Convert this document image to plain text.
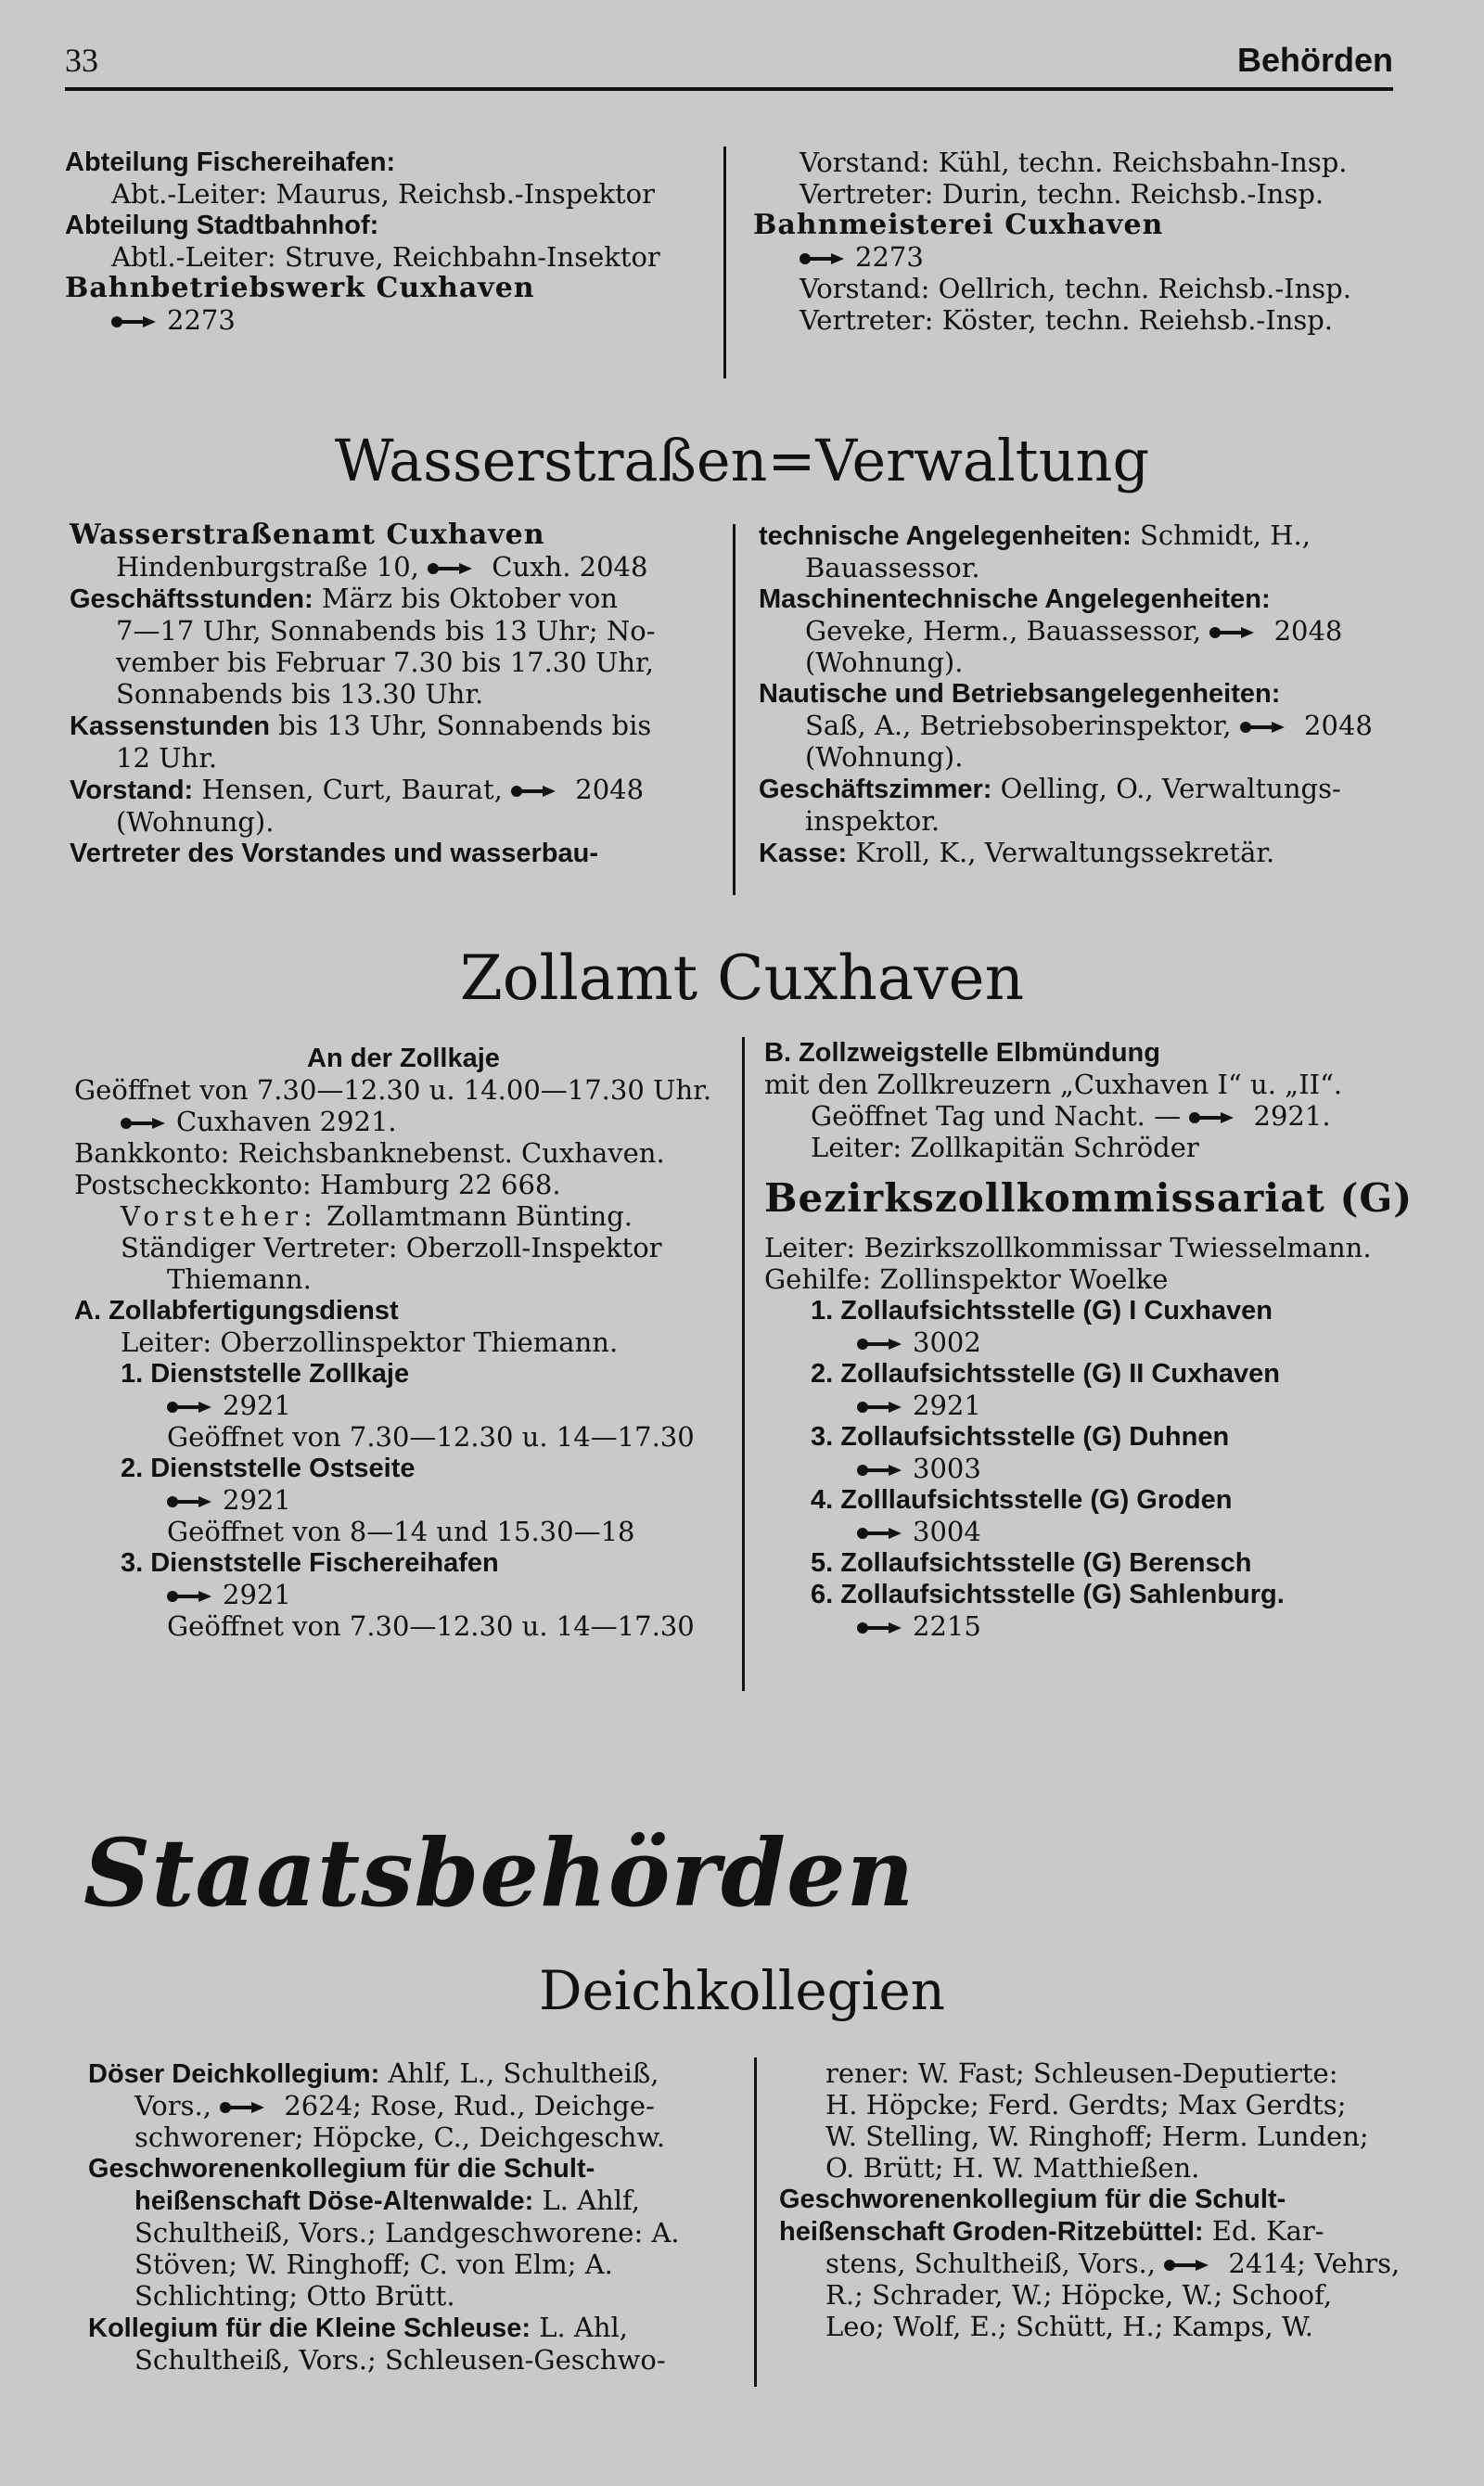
33	Behörden
Abteilung Fischereihafen:
Abt.-Leiter: Maurus, Reichsb.-Inspektor
Abteilung Stadtbahnhof:
Abtl.-Leiter: Struve, Reichbahn-Insektor
Bahnbetriebswerk Cuxhaven
2273
Vorstand: Kühl, techn. Reichsbahn-Insp.
Vertreter: Durin, techn. Reichsb.-Insp.
Bahnmeisterei Cuxhaven
2273
Vorstand: Oellrich, techn. Reichsb.-Insp.
Vertreter: Köster, techn. Reiehsb.-Insp.
Wasserstraßen=Verwaltung
Wasserstraßenamt Cuxhaven
Hindenburgstraße 10,
Cuxh. 2048
Geschäftsstunden: März bis Oktober von
7—17 Uhr, Sonnabends bis 13 Uhr; No-
vember bis Februar 7.30 bis 17.30 Uhr,
Sonnabends bis 13.30 Uhr.
Kassenstunden bis 13 Uhr, Sonnabends bis
12 Uhr.
Vorstand: Hensen, Curt, Baurat,
2048
(Wohnung).
Vertreter des Vorstandes und wasserbau-
technische Angelegenheiten: Schmidt, H.,
Bauassessor.
Maschinentechnische Angelegenheiten:
Geveke, Herm., Bauassessor,
2048
(Wohnung).
Nautische und Betriebsangelegenheiten:
Saß, A., Betriebsoberinspektor,
2048
(Wohnung).
Geschäftszimmer: Oelling, O., Verwaltungs-
inspektor.
Kasse: Kroll, K., Verwaltungssekretär.
Zollamt Cuxhaven
An der Zollkaje
Geöffnet von 7.30—12.30 u. 14.00—17.30 Uhr.
Cuxhaven 2921.
Bankkonto: Reichsbanknebenst. Cuxhaven.
Postscheckkonto: Hamburg 22 668.
Vorsteher: Zollamtmann Bünting.
Ständiger Vertreter: Oberzoll-Inspektor
Thiemann.
A. Zollabfertigungsdienst
Leiter: Oberzollinspektor Thiemann.
1. Dienststelle Zollkaje
2921
Geöffnet von 7.30—12.30 u. 14—17.30
2. Dienststelle Ostseite
2921
Geöffnet von 8—14 und 15.30—18
3. Dienststelle Fischereihafen
2921
Geöffnet von 7.30—12.30 u. 14—17.30
B. Zollzweigstelle Elbmündung
mit den Zollkreuzern „Cuxhaven I“ u. „II“.
Geöffnet Tag und Nacht. —
2921.
Leiter: Zollkapitän Schröder
Bezirkszollkommissariat (G)
Leiter: Bezirkszollkommissar Twiesselmann.
Gehilfe: Zollinspektor Woelke
1. Zollaufsichtsstelle (G) I Cuxhaven
3002
2. Zollaufsichtsstelle (G) II Cuxhaven
2921
3. Zollaufsichtsstelle (G) Duhnen
3003
4. Zolllaufsichtsstelle (G) Groden
3004
5. Zollaufsichtsstelle (G) Berensch
6. Zollaufsichtsstelle (G) Sahlenburg.
2215
Staatsbehörden
Deichkollegien
Döser Deichkollegium: Ahlf, L., Schultheiß,
Vors.,
2624; Rose, Rud., Deichge-
schworener; Höpcke, C., Deichgeschw.
Geschworenenkollegium für die Schult-
heißenschaft Döse-Altenwalde: L. Ahlf,
Schultheiß, Vors.; Landgeschworene: A.
Stöven; W. Ringhoff; C. von Elm; A.
Schlichting; Otto Brütt.
Kollegium für die Kleine Schleuse: L. Ahl,
Schultheiß, Vors.; Schleusen-Geschwo-
rener: W. Fast; Schleusen-Deputierte:
H. Höpcke; Ferd. Gerdts; Max Gerdts;
W. Stelling, W. Ringhoff; Herm. Lunden;
O. Brütt; H. W. Matthießen.
Geschworenenkollegium für die Schult-
heißenschaft Groden-Ritzebüttel: Ed. Kar-
stens, Schultheiß, Vors.,
2414; Vehrs,
R.; Schrader, W.; Höpcke, W.; Schoof,
Leo; Wolf, E.; Schütt, H.; Kamps, W.
